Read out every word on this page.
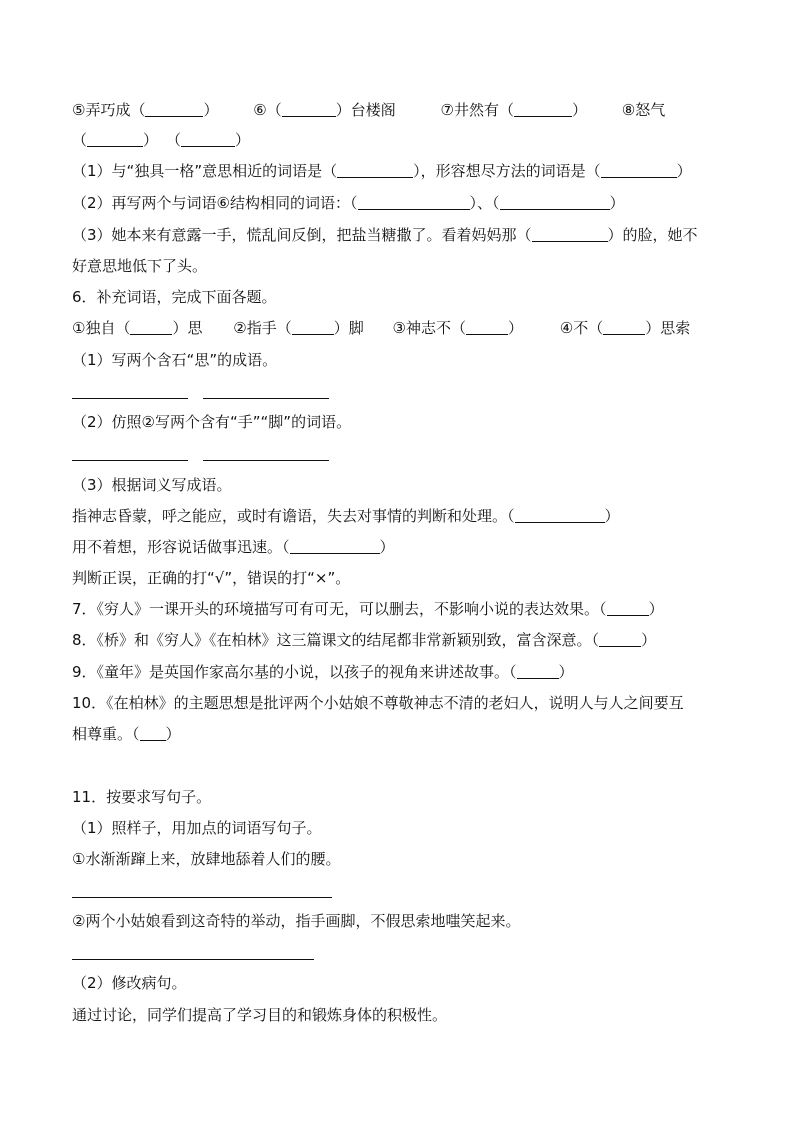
⑤弄巧成（	） ⑥（	）台楼阁	⑦井然有（	） ⑧怒气
（	） （	）
（1）与“独具一格”意思相近的词语是（	），形容想尽方法的词语是（	）
（2）再写两个与词语⑥结构相同的词语：（	）、（	）
（3）她本来有意露一手，慌乱间反倒，把盐当糖撒了。看着妈妈那（	）的脸，她不
好意思地低下了头。
6．补充词语，完成下面各题。
①独自（	）思 ②指手（	）脚 ③神志不（	） ④不（	）思索
（1）写两个含石“思”的成语。
（2）仿照②写两个含有“手”“脚”的词语。
（3）根据词义写成语。
指神志昏蒙，呼之能应，或时有谵语，失去对事情的判断和处理。（	）
用不着想，形容说话做事迅速。（	）
判断正误，正确的打“√”，错误的打“×”。
7．《穷人》一课开头的环境描写可有可无，可以删去，不影响小说的表达效果。（	）
8．《桥》和《穷人》《在柏林》这三篇课文的结尾都非常新颖别致，富含深意。（	）
9．《童年》是英国作家高尔基的小说，以孩子的视角来讲述故事。（	）
10．《在柏林》的主题思想是批评两个小姑娘不尊敬神志不清的老妇人，说明人与人之间要互
相尊重。（ ）
11．按要求写句子。
（1）照样子，用加点的词语写句子。
①水渐渐蹿上来，放肆地舔着人们的腰。
②两个小姑娘看到这奇特的举动，指手画脚，不假思索地嗤笑起来。
（2）修改病句。
通过讨论，同学们提高了学习目的和锻炼身体的积极性。
